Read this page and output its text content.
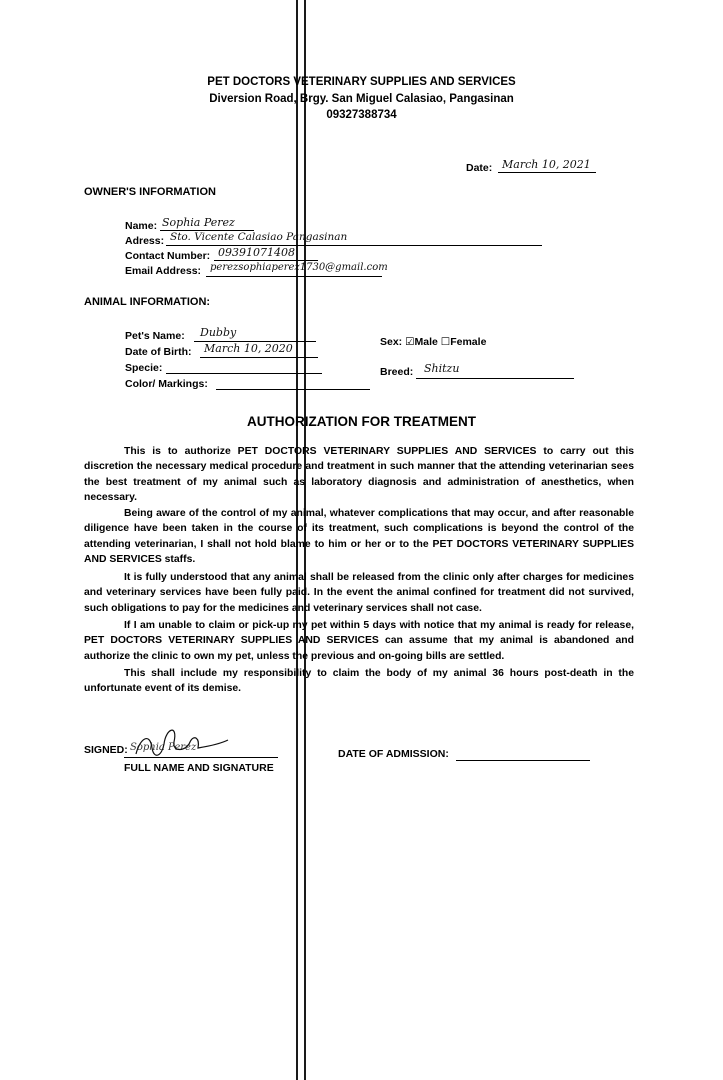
PET DOCTORS VETERINARY SUPPLIES AND SERVICES
Diversion Road, Brgy. San Miguel Calasiao, Pangasinan
09327388734
Date: March 10, 2021
OWNER'S INFORMATION
Name: Sophia Perez
Adress: Sto. Vicente Calasiao Pangasinan
Contact Number: 09391071408
Email Address: perezsophiaperez1730@gmail.com
ANIMAL INFORMATION:
Pet's Name: Dubby
Date of Birth: March 10, 2020
Specie:
Color/ Markings:
Sex: ☑Male ☐Female
Breed: Shitzu
AUTHORIZATION FOR TREATMENT

This is to authorize PET DOCTORS VETERINARY SUPPLIES AND SERVICES to carry out this discretion the necessary medical procedure and treatment in such manner that the attending veterinarian sees the best treatment of my animal such as laboratory diagnosis and administration of anesthetics, when necessary.

Being aware of the control of my animal, whatever complications that may occur, and after reasonable diligence have been taken in the course of its treatment, such complications is beyond the control of the attending veterinarian, I shall not hold blame to him or her or to the PET DOCTORS VETERINARY SUPPLIES AND SERVICES staffs.

It is fully understood that any animal shall be released from the clinic only after charges for medicines and veterinary services have been fully paid. In the event the animal confined for treatment did not survived, such obligations to pay for the medicines and veterinary services shall not case.

If I am unable to claim or pick-up my pet within 5 days with notice that my animal is ready for release, PET DOCTORS VETERINARY SUPPLIES AND SERVICES can assume that my animal is abandoned and authorize the clinic to own my pet, unless the previous and on-going bills are settled.

This shall include my responsibility to claim the body of my animal 36 hours post-death in the unfortunate event of its demise.

SIGNED: Sophia Perez
FULL NAME AND SIGNATURE
DATE OF ADMISSION:
